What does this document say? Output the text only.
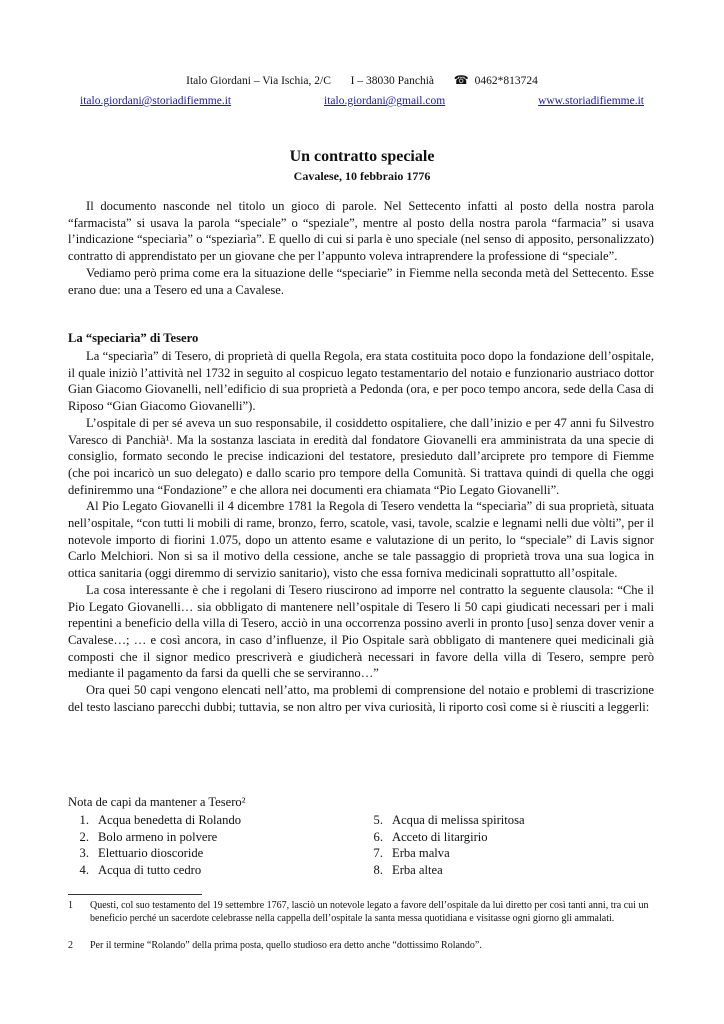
Italo Giordani – Via Ischia, 2/C I – 38030 Panchià ☎ 0462*813724
italo.giordani@storiadifiemme.it	italo.giordani@gmail.com	www.storiadifiemme.it
Un contratto speciale
Cavalese, 10 febbraio 1776

Il documento nasconde nel titolo un gioco di parole. Nel Settecento infatti al posto della nostra parola “farmacista” si usava la parola “speciale” o “speziale”, mentre al posto della nostra parola “farmacia” si usava l’indicazione “speciarìa” o “speziarìa”. E quello di cui si parla è uno speciale (nel senso di apposito, personalizzato) contratto di apprendistato per un giovane che per l’appunto voleva intraprendere la professione di “speciale”.

Vediamo però prima come era la situazione delle “speciarìe” in Fiemme nella seconda metà del Settecento. Esse erano due: una a Tesero ed una a Cavalese.

La “speciarìa” di Tesero

La “speciarìa” di Tesero, di proprietà di quella Regola, era stata costituita poco dopo la fondazione dell’ospitale, il quale iniziò l’attività nel 1732 in seguito al cospicuo legato testamentario del notaio e funzionario austriaco dottor Gian Giacomo Giovanelli, nell’edificio di sua proprietà a Pedonda (ora, e per poco tempo ancora, sede della Casa di Riposo “Gian Giacomo Giovanelli”).

L’ospitale di per sé aveva un suo responsabile, il cosiddetto ospitaliere, che dall’inizio e per 47 anni fu Silvestro Varesco di Panchià¹. Ma la sostanza lasciata in eredità dal fondatore Giovanelli era amministrata da una specie di consiglio, formato secondo le precise indicazioni del testatore, presieduto dall’arciprete pro tempore di Fiemme (che poi incaricò un suo delegato) e dallo scario pro tempore della Comunità. Si trattava quindi di quella che oggi definiremmo una “Fondazione” e che allora nei documenti era chiamata “Pio Legato Giovanelli”.

Al Pio Legato Giovanelli il 4 dicembre 1781 la Regola di Tesero vendetta la “speciarìa” di sua proprietà, situata nell’ospitale, “con tutti li mobili di rame, bronzo, ferro, scatole, vasi, tavole, scalzie e legnami nelli due vòlti”, per il notevole importo di fiorini 1.075, dopo un attento esame e valutazione di un perito, lo “speciale” di Lavis signor Carlo Melchiori. Non si sa il motivo della cessione, anche se tale passaggio di proprietà trova una sua logica in ottica sanitaria (oggi diremmo di servizio sanitario), visto che essa forniva medicinali soprattutto all’ospitale.

La cosa interessante è che i regolani di Tesero riuscirono ad imporre nel contratto la seguente clausola: “Che il Pio Legato Giovanelli… sia obbligato di mantenere nell’ospitale di Tesero li 50 capi giudicati necessari per i mali repentini a beneficio della villa di Tesero, acciò in una occorrenza possino averli in pronto [uso] senza dover venir a Cavalese…; … e così ancora, in caso d’influenze, il Pio Ospitale sarà obbligato di mantenere quei medicinali già composti che il signor medico prescriverà e giudicherà necessari in favore della villa di Tesero, sempre però mediante il pagamento da farsi da quelli che se serviranno…”

Ora quei 50 capi vengono elencati nell’atto, ma problemi di comprensione del notaio e problemi di trascrizione del testo lasciano parecchi dubbi; tuttavia, se non altro per viva curiosità, li riporto così come si è riusciti a leggerli:

Nota de capi da mantener a Tesero²
1. Acqua benedetta di Rolando
2. Bolo armeno in polvere
3. Elettuario dioscoride
4. Acqua di tutto cedro
5. Acqua di melissa spiritosa
6. Acceto di litargirio
7. Erba malva
8. Erba altea
1	Questi, col suo testamento del 19 settembre 1767, lasciò un notevole legato a favore dell’ospitale da lui diretto per così tanti anni, tra cui un beneficio perché un sacerdote celebrasse nella cappella dell’ospitale la santa messa quotidiana e visitasse ogni giorno gli ammalati.
2	Per il termine “Rolando” della prima posta, quello studioso era detto anche “dottissimo Rolando”.
